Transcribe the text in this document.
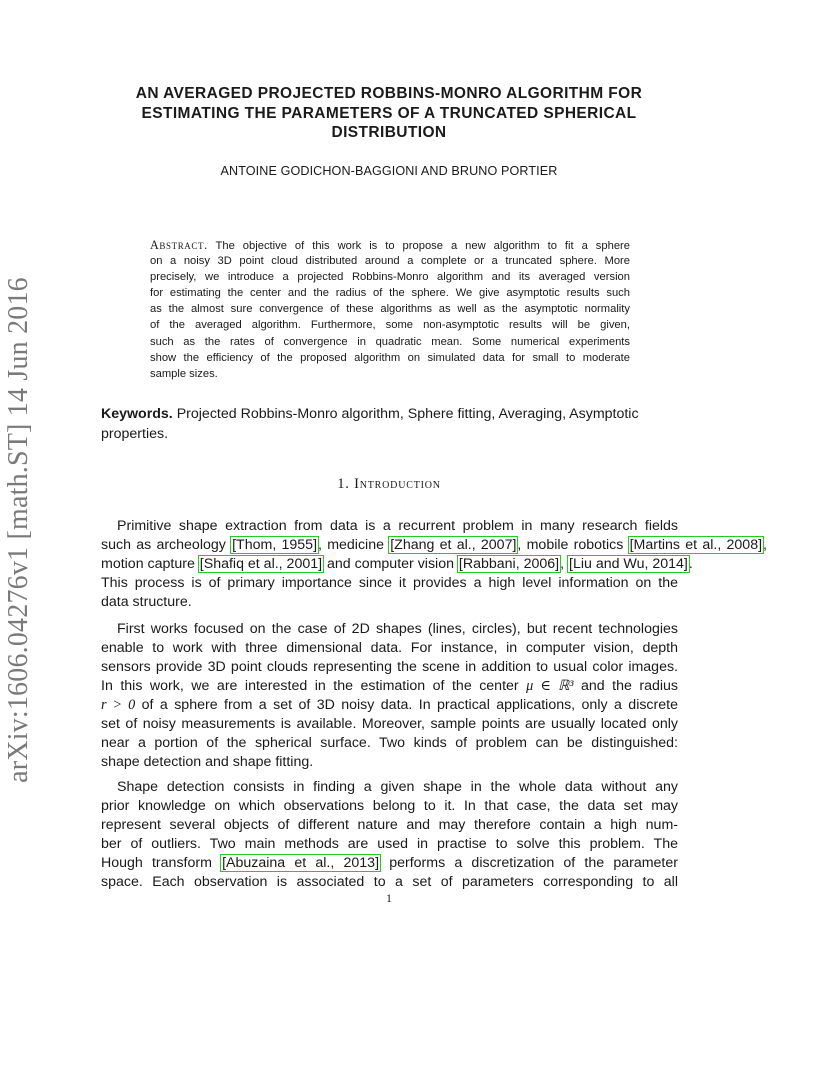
arXiv:1606.04276v1 [math.ST] 14 Jun 2016
AN AVERAGED PROJECTED ROBBINS-MONRO ALGORITHM FOR
ESTIMATING THE PARAMETERS OF A TRUNCATED SPHERICAL
DISTRIBUTION
ANTOINE GODICHON-BAGGIONI AND BRUNO PORTIER
Abstract. The objective of this work is to propose a new algorithm to fit a sphere
on a noisy 3D point cloud distributed around a complete or a truncated sphere. More
precisely, we introduce a projected Robbins-Monro algorithm and its averaged version
for estimating the center and the radius of the sphere. We give asymptotic results such
as the almost sure convergence of these algorithms as well as the asymptotic normality
of the averaged algorithm. Furthermore, some non-asymptotic results will be given,
such as the rates of convergence in quadratic mean. Some numerical experiments
show the efficiency of the proposed algorithm on simulated data for small to moderate
sample sizes.
Keywords. Projected Robbins-Monro algorithm, Sphere fitting, Averaging, Asymptotic properties.
1. Introduction
Primitive shape extraction from data is a recurrent problem in many research fields
such as archeology [Thom, 1955], medicine [Zhang et al., 2007], mobile robotics [Martins et al., 2008],
motion capture [Shafiq et al., 2001] and computer vision [Rabbani, 2006], [Liu and Wu, 2014].
This process is of primary importance since it provides a high level information on the
data structure.
First works focused on the case of 2D shapes (lines, circles), but recent technologies
enable to work with three dimensional data. For instance, in computer vision, depth
sensors provide 3D point clouds representing the scene in addition to usual color images.
In this work, we are interested in the estimation of the center μ ∈ ℝ³ and the radius
r > 0 of a sphere from a set of 3D noisy data. In practical applications, only a discrete
set of noisy measurements is available. Moreover, sample points are usually located only
near a portion of the spherical surface. Two kinds of problem can be distinguished:
shape detection and shape fitting.
Shape detection consists in finding a given shape in the whole data without any
prior knowledge on which observations belong to it. In that case, the data set may
represent several objects of different nature and may therefore contain a high num-
ber of outliers. Two main methods are used in practise to solve this problem. The
Hough transform [Abuzaina et al., 2013] performs a discretization of the parameter
space. Each observation is associated to a set of parameters corresponding to all
1
